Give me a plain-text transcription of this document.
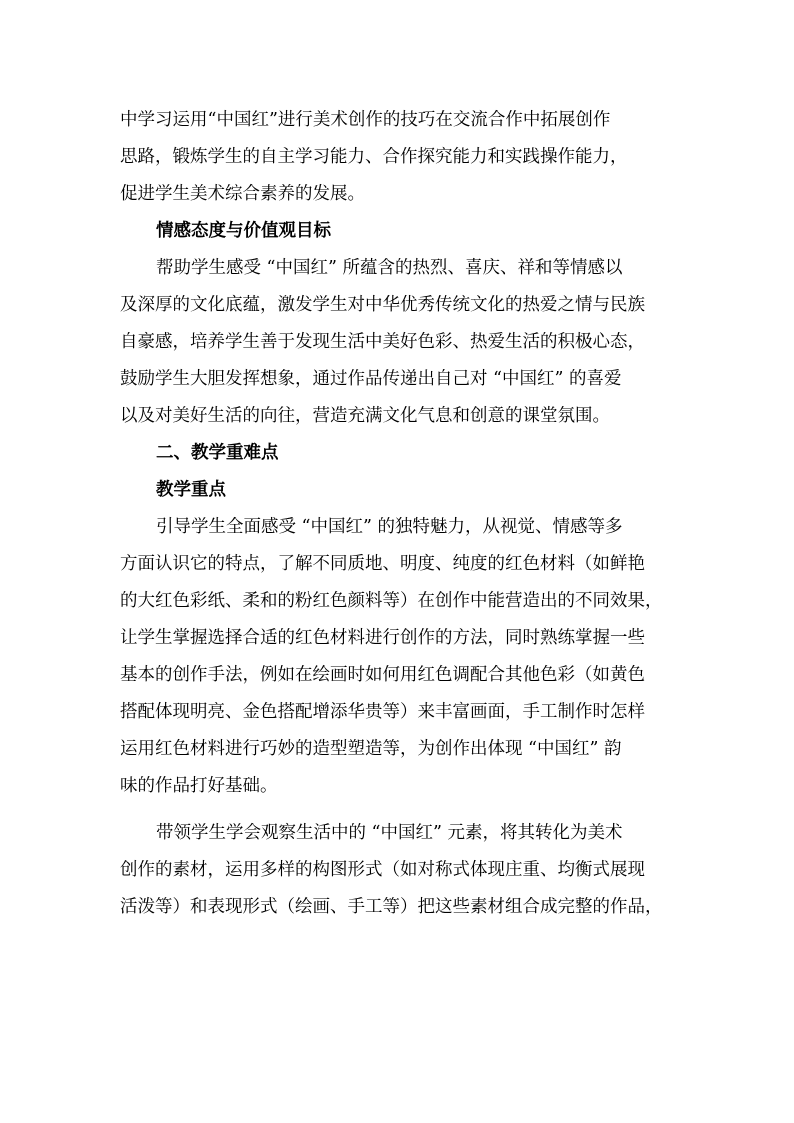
中学习运用“中国红”进行美术创作的技巧在交流合作中拓展创作
思路，锻炼学生的自主学习能力、合作探究能力和实践操作能力，
促进学生美术综合素养的发展。
情感态度与价值观目标
帮助学生感受 “中国红” 所蕴含的热烈、喜庆、祥和等情感以
及深厚的文化底蕴，激发学生对中华优秀传统文化的热爱之情与民族
自豪感，培养学生善于发现生活中美好色彩、热爱生活的积极心态，
鼓励学生大胆发挥想象，通过作品传递出自己对 “中国红” 的喜爱
以及对美好生活的向往，营造充满文化气息和创意的课堂氛围。
二、教学重难点
教学重点
引导学生全面感受 “中国红” 的独特魅力，从视觉、情感等多
方面认识它的特点，了解不同质地、明度、纯度的红色材料（如鲜艳
的大红色彩纸、柔和的粉红色颜料等）在创作中能营造出的不同效果，
让学生掌握选择合适的红色材料进行创作的方法，同时熟练掌握一些
基本的创作手法，例如在绘画时如何用红色调配合其他色彩（如黄色
搭配体现明亮、金色搭配增添华贵等）来丰富画面，手工制作时怎样
运用红色材料进行巧妙的造型塑造等，为创作出体现 “中国红” 韵
味的作品打好基础。
带领学生学会观察生活中的 “中国红” 元素，将其转化为美术
创作的素材，运用多样的构图形式（如对称式体现庄重、均衡式展现
活泼等）和表现形式（绘画、手工等）把这些素材组合成完整的作品，
